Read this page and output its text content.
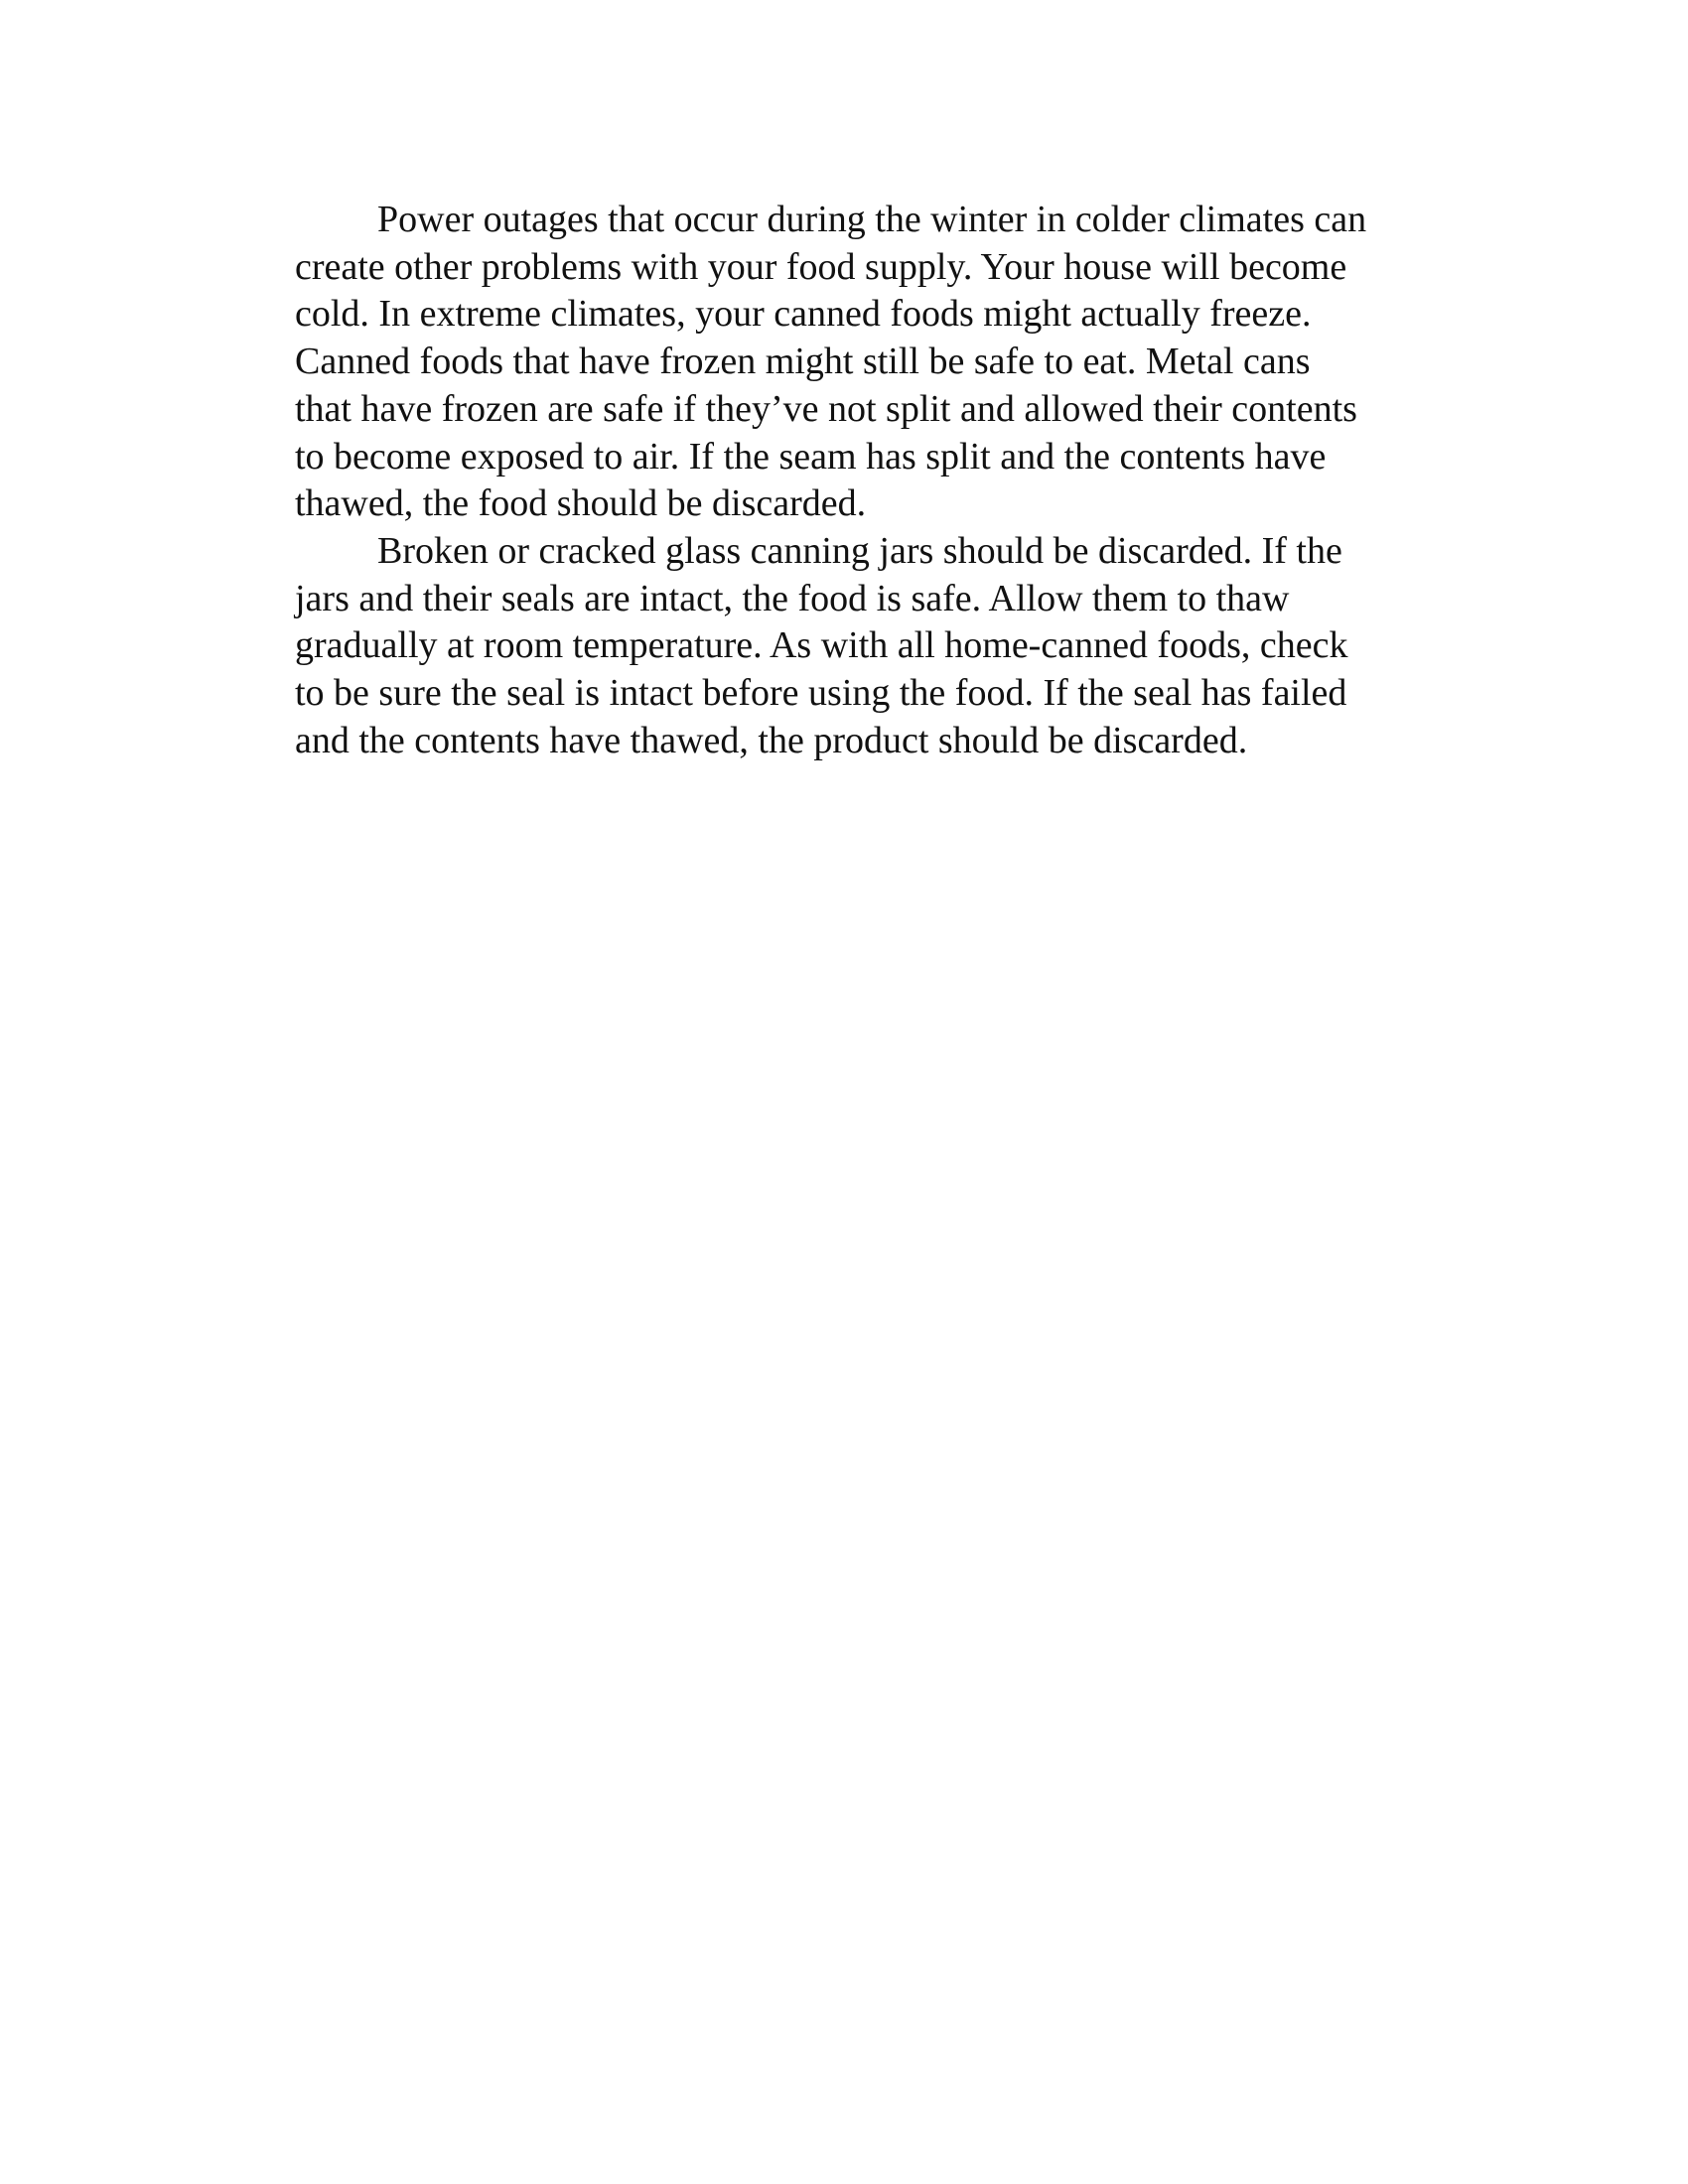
Power outages that occur during the winter in colder climates can
create other problems with your food supply. Your house will become
cold. In extreme climates, your canned foods might actually freeze.
Canned foods that have frozen might still be safe to eat. Metal cans
that have frozen are safe if they’ve not split and allowed their contents
to become exposed to air. If the seam has split and the contents have
thawed, the food should be discarded.
Broken or cracked glass canning jars should be discarded. If the
jars and their seals are intact, the food is safe. Allow them to thaw
gradually at room temperature. As with all home-canned foods, check
to be sure the seal is intact before using the food. If the seal has failed
and the contents have thawed, the product should be discarded.
